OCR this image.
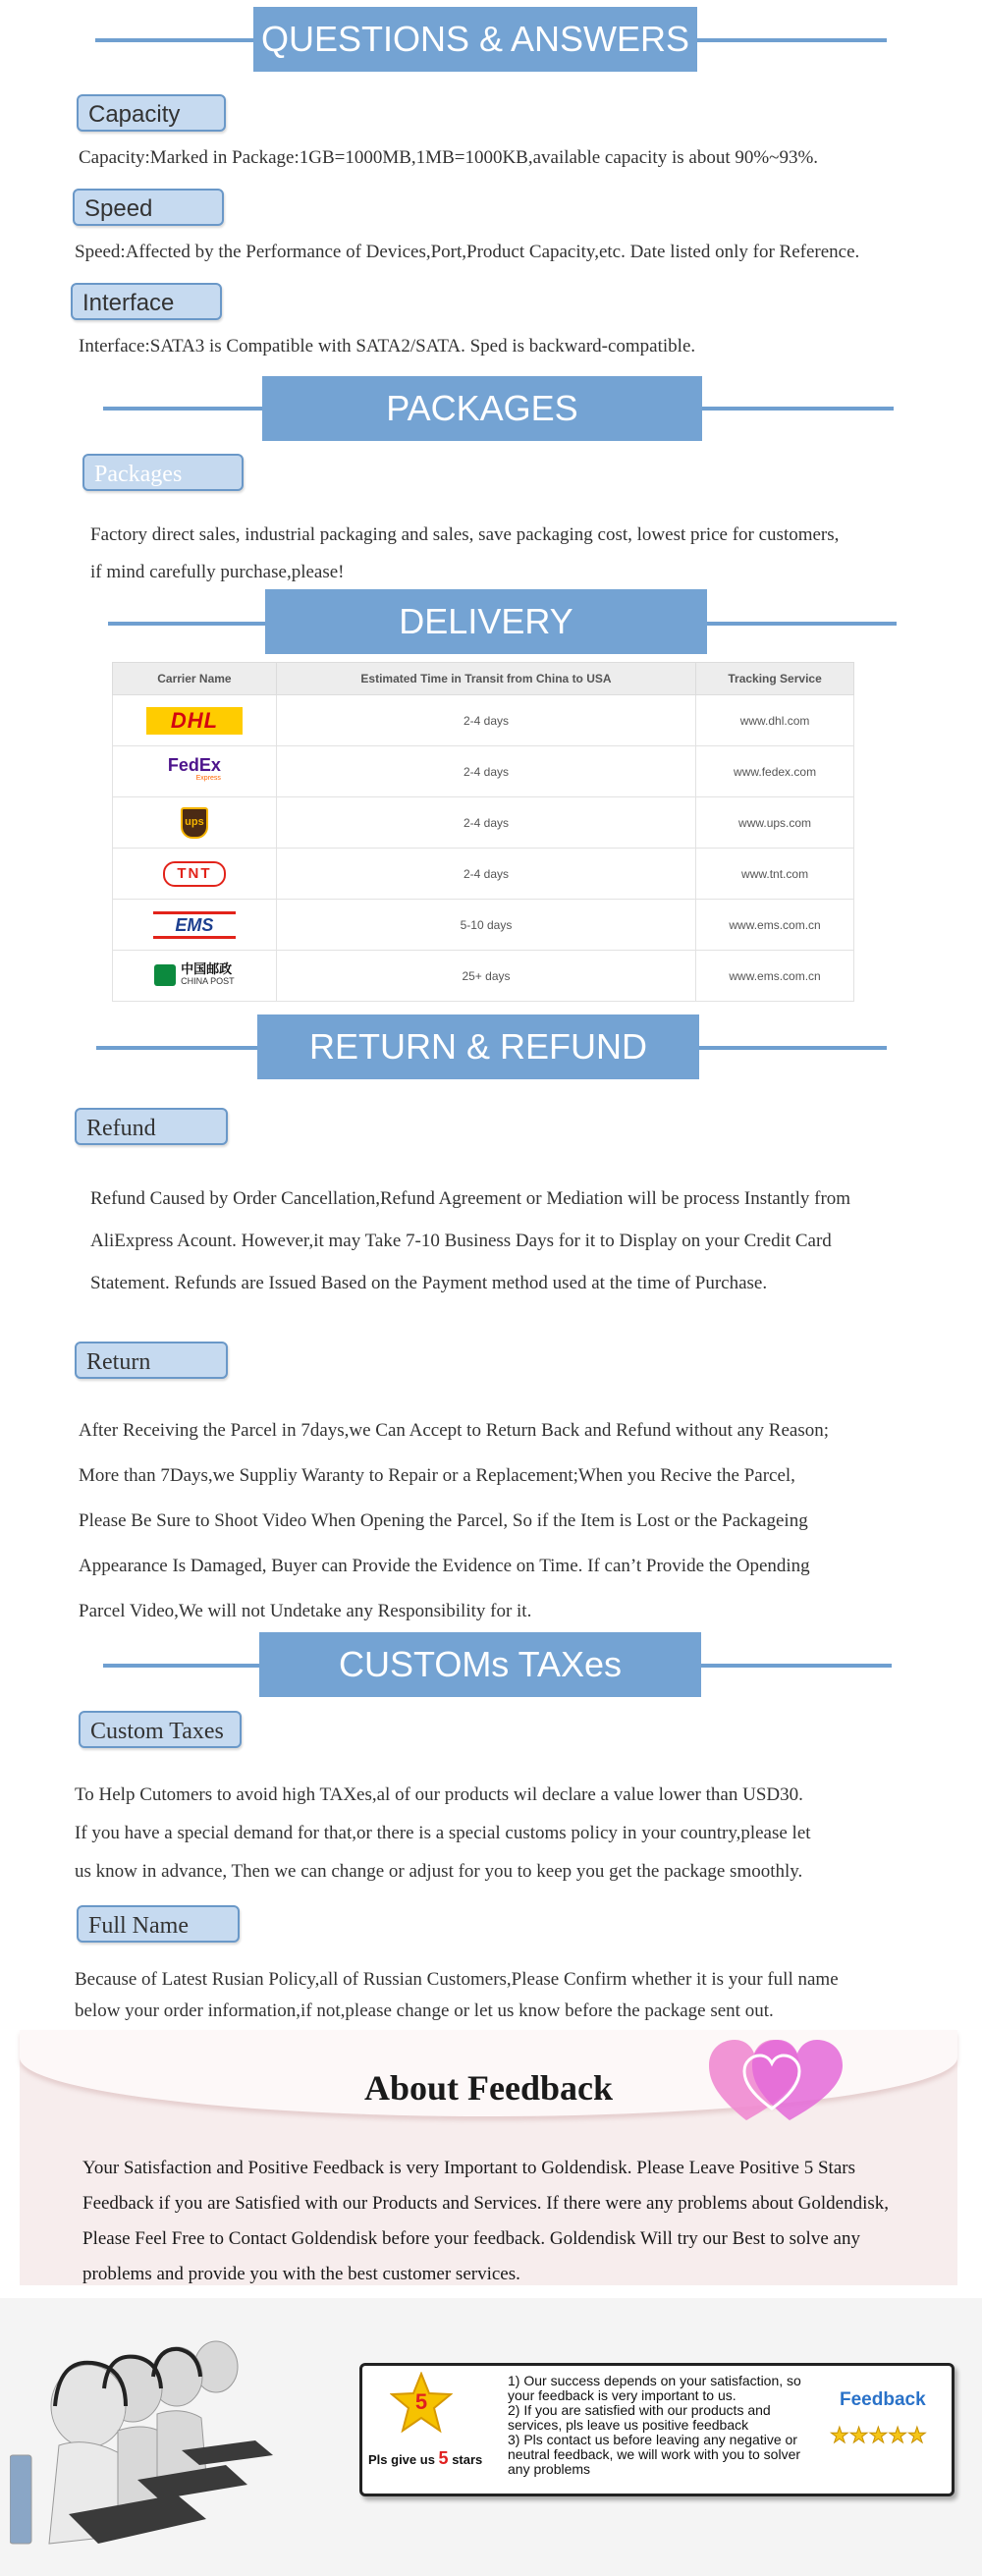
QUESTIONS & ANSWERS
Capacity
Capacity:Marked in Package:1GB=1000MB,1MB=1000KB,available capacity is about 90%~93%.
Speed
Speed:Affected by the Performance of Devices,Port,Product Capacity,etc. Date listed only for Reference.
Interface
Interface:SATA3 is Compatible with SATA2/SATA. Sped is backward-compatible.
PACKAGES
Packages
Factory direct sales, industrial packaging and sales, save packaging cost, lowest price for customers,
if mind carefully purchase,please!
DELIVERY
Carrier Name	Estimated Time in Transit from China to USA	Tracking Service
DHL	2-4 days	www.dhl.com

FedEx
Express	2-4 days	www.fedex.com
ups	2-4 days	www.ups.com
TNT	2-4 days	www.tnt.com
EMS	5-10 days	www.ems.com.cn

中国邮政
CHINA POST	25+ days	www.ems.com.cn
RETURN & REFUND
Refund
Refund Caused by Order Cancellation,Refund Agreement or Mediation will be process Instantly from
AliExpress Acount. However,it may Take 7-10 Business Days for it to Display on your Credit Card
Statement. Refunds are Issued Based on the Payment method used at the time of Purchase.
Return
After Receiving the Parcel in 7days,we Can Accept to Return Back and Refund without any Reason;
More than 7Days,we Suppliy Waranty to Repair or a Replacement;When you Recive the Parcel,
Please Be Sure to Shoot Video When Opening the Parcel, So if the Item is Lost or the Packageing
Appearance Is Damaged, Buyer can Provide the Evidence on Time. If can’t Provide the Opending
Parcel Video,We will not Undetake any Responsibility for it.
CUSTOMs TAXes
Custom Taxes
To Help Cutomers to avoid high TAXes,al of our products wil declare a value lower than USD30.
If you have a special demand for that,or there is a special customs policy in your country,please let
us know in advance, Then we can change or adjust for you to keep you get the package smoothly.
Full Name
Because of Latest Rusian Policy,all of Russian Customers,Please Confirm whether it is your full name
below your order information,if not,please change or let us know before the package sent out.
About Feedback
Your Satisfaction and Positive Feedback is very Important to Goldendisk. Please Leave Positive 5 Stars
Feedback if you are Satisfied with our Products and Services. If there were any problems about Goldendisk,
Please Feel Free to Contact Goldendisk before your feedback. Goldendisk Will try our Best to solve any
problems and provide you with the best customer services.
5
Pls give us 5 stars
1) Our success depends on your satisfaction, so your feedback is very important to us.
2) If you are satisfied with our products and services, pls leave us positive feedback
3) Pls contact us before leaving any negative or neutral feedback, we will work with you to solver any problems
Feedback
★★★★★
